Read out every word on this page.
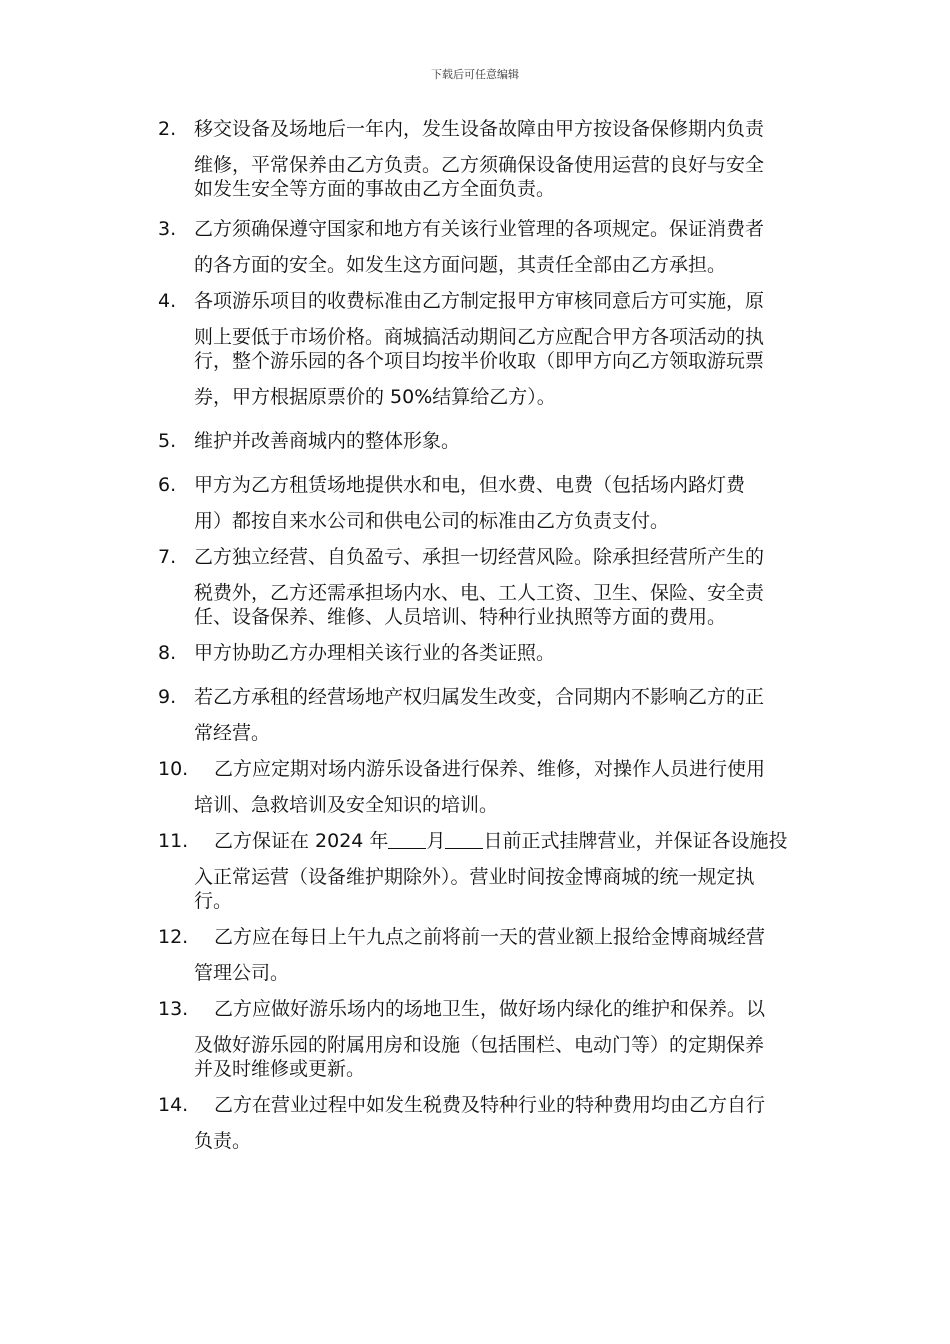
下载后可任意编辑
2. 移交设备及场地后一年内，发生设备故障由甲方按设备保修期内负责
维修，平常保养由乙方负责。乙方须确保设备使用运营的良好与安全
如发生安全等方面的事故由乙方全面负责。
3. 乙方须确保遵守国家和地方有关该行业管理的各项规定。保证消费者
的各方面的安全。如发生这方面问题，其责任全部由乙方承担。
4. 各项游乐项目的收费标准由乙方制定报甲方审核同意后方可实施，原
则上要低于市场价格。商城搞活动期间乙方应配合甲方各项活动的执
行，整个游乐园的各个项目均按半价收取（即甲方向乙方领取游玩票
券，甲方根据原票价的 50%结算给乙方）。
5. 维护并改善商城内的整体形象。
6. 甲方为乙方租赁场地提供水和电，但水费、电费（包括场内路灯费
用）都按自来水公司和供电公司的标准由乙方负责支付。
7. 乙方独立经营、自负盈亏、承担一切经营风险。除承担经营所产生的
税费外，乙方还需承担场内水、电、工人工资、卫生、保险、安全责
任、设备保养、维修、人员培训、特种行业执照等方面的费用。
8. 甲方协助乙方办理相关该行业的各类证照。
9. 若乙方承租的经营场地产权归属发生改变，合同期内不影响乙方的正
常经营。
10.	乙方应定期对场内游乐设备进行保养、维修，对操作人员进行使用
培训、急救培训及安全知识的培训。
11.	乙方保证在 2024 年 月 日前正式挂牌营业，并保证各设施投
入正常运营（设备维护期除外）。营业时间按金博商城的统一规定执
行。
12.	乙方应在每日上午九点之前将前一天的营业额上报给金博商城经营
管理公司。
13.	乙方应做好游乐场内的场地卫生，做好场内绿化的维护和保养。以
及做好游乐园的附属用房和设施（包括围栏、电动门等）的定期保养
并及时维修或更新。
14.	乙方在营业过程中如发生税费及特种行业的特种费用均由乙方自行
负责。
